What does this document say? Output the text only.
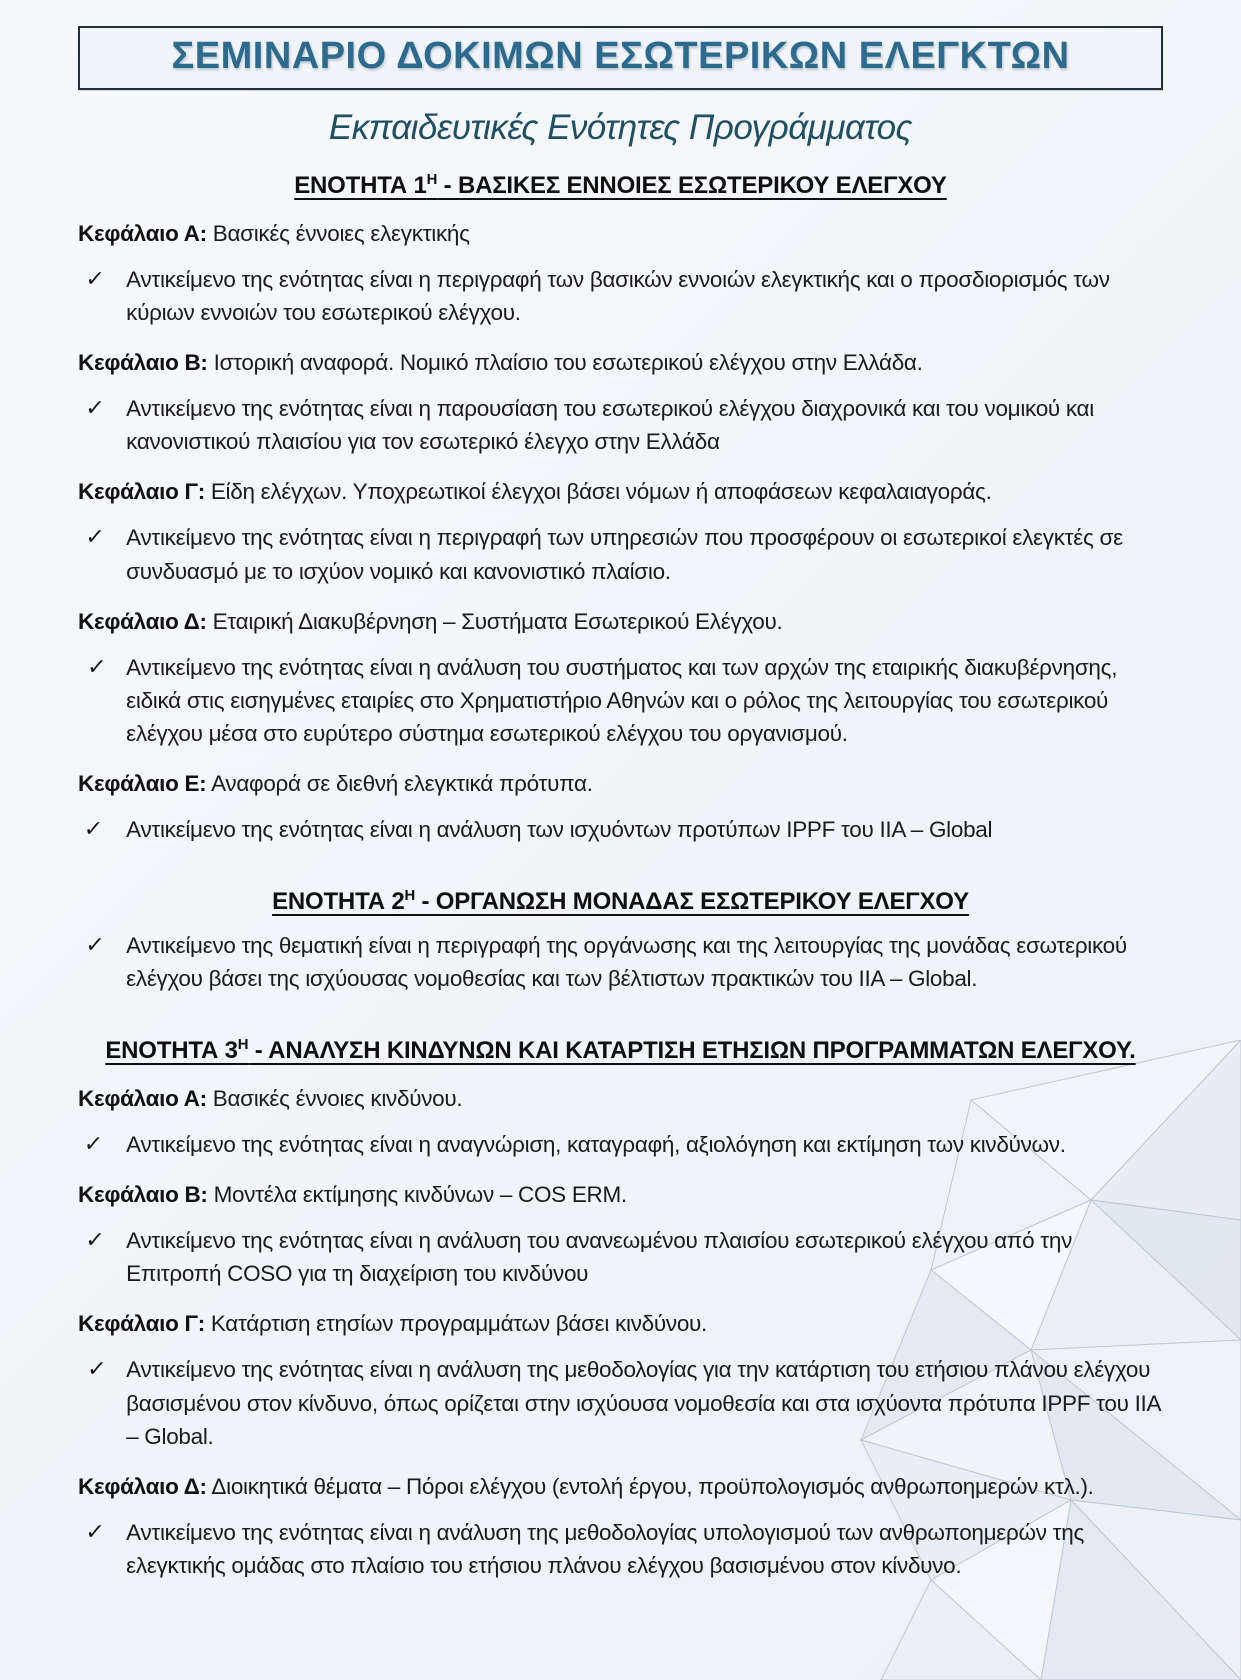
ΣΕΜΙΝΑΡΙΟ ΔΟΚΙΜΩΝ ΕΣΩΤΕΡΙΚΩΝ ΕΛΕΓΚΤΩΝ
Εκπαιδευτικές Ενότητες Προγράμματος
ΕΝΟΤΗΤΑ $1^H$ - ΒΑΣΙΚΕΣ ΕΝΝΟΙΕΣ ΕΣΩΤΕΡΙΚΟΥ ΕΛΕΓΧΟΥ

Κεφάλαιο Α: Βασικές έννοιες ελεγκτικής

✓ Αντικείμενο της ενότητας είναι η περιγραφή των βασικών εννοιών ελεγκτικής και ο προσδιορισμός των κύριων εννοιών του εσωτερικού ελέγχου.

Κεφάλαιο Β: Ιστορική αναφορά. Νομικό πλαίσιο του εσωτερικού ελέγχου στην Ελλάδα.

✓ Αντικείμενο της ενότητας είναι η παρουσίαση του εσωτερικού ελέγχου διαχρονικά και του νομικού και κανονιστικού πλαισίου για τον εσωτερικό έλεγχο στην Ελλάδα

Κεφάλαιο Γ: Είδη ελέγχων. Υποχρεωτικοί έλεγχοι βάσει νόμων ή αποφάσεων κεφαλαιαγοράς.

✓ Αντικείμενο της ενότητας είναι η περιγραφή των υπηρεσιών που προσφέρουν οι εσωτερικοί ελεγκτές σε συνδυασμό με το ισχύον νομικό και κανονιστικό πλαίσιο.

Κεφάλαιο Δ: Εταιρική Διακυβέρνηση – Συστήματα Εσωτερικού Ελέγχου.

✓ Αντικείμενο της ενότητας είναι η ανάλυση του συστήματος και των αρχών της εταιρικής διακυβέρνησης, ειδικά στις εισηγμένες εταιρίες στο Χρηματιστήριο Αθηνών και ο ρόλος της λειτουργίας του εσωτερικού ελέγχου μέσα στο ευρύτερο σύστημα εσωτερικού ελέγχου του οργανισμού.

Κεφάλαιο Ε: Αναφορά σε διεθνή ελεγκτικά πρότυπα.

✓ Αντικείμενο της ενότητας είναι η ανάλυση των ισχυόντων προτύπων IPPF του IIA – Global
ΕΝΟΤΗΤΑ $2^H$ - ΟΡΓΑΝΩΣΗ ΜΟΝΑΔΑΣ ΕΣΩΤΕΡΙΚΟΥ ΕΛΕΓΧΟΥ
✓ Αντικείμενο της θεματική είναι η περιγραφή της οργάνωσης και της λειτουργίας της μονάδας εσωτερικού ελέγχου βάσει της ισχύουσας νομοθεσίας και των βέλτιστων πρακτικών του IIA – Global.
ΕΝΟΤΗΤΑ $3^H$ - ΑΝΑΛΥΣΗ ΚΙΝΔΥΝΩΝ ΚΑΙ ΚΑΤΑΡΤΙΣΗ ΕΤΗΣΙΩΝ ΠΡΟΓΡΑΜΜΑΤΩΝ ΕΛΕΓΧΟΥ.

Κεφάλαιο Α: Βασικές έννοιες κινδύνου.

✓ Αντικείμενο της ενότητας είναι η αναγνώριση, καταγραφή, αξιολόγηση και εκτίμηση των κινδύνων.

Κεφάλαιο Β: Μοντέλα εκτίμησης κινδύνων – COS ERM.

✓ Αντικείμενο της ενότητας είναι η ανάλυση του ανανεωμένου πλαισίου εσωτερικού ελέγχου από την Επιτροπή COSO για τη διαχείριση του κινδύνου

Κεφάλαιο Γ: Κατάρτιση ετησίων προγραμμάτων βάσει κινδύνου.

✓ Αντικείμενο της ενότητας είναι η ανάλυση της μεθοδολογίας για την κατάρτιση του ετήσιου πλάνου ελέγχου βασισμένου στον κίνδυνο, όπως ορίζεται στην ισχύουσα νομοθεσία και στα ισχύοντα πρότυπα IPPF του IIA – Global.

Κεφάλαιο Δ: Διοικητικά θέματα – Πόροι ελέγχου (εντολή έργου, προϋπολογισμός ανθρωποημερών κτλ.).

✓ Αντικείμενο της ενότητας είναι η ανάλυση της μεθοδολογίας υπολογισμού των ανθρωποημερών της ελεγκτικής ομάδας στο πλαίσιο του ετήσιου πλάνου ελέγχου βασισμένου στον κίνδυνο.
